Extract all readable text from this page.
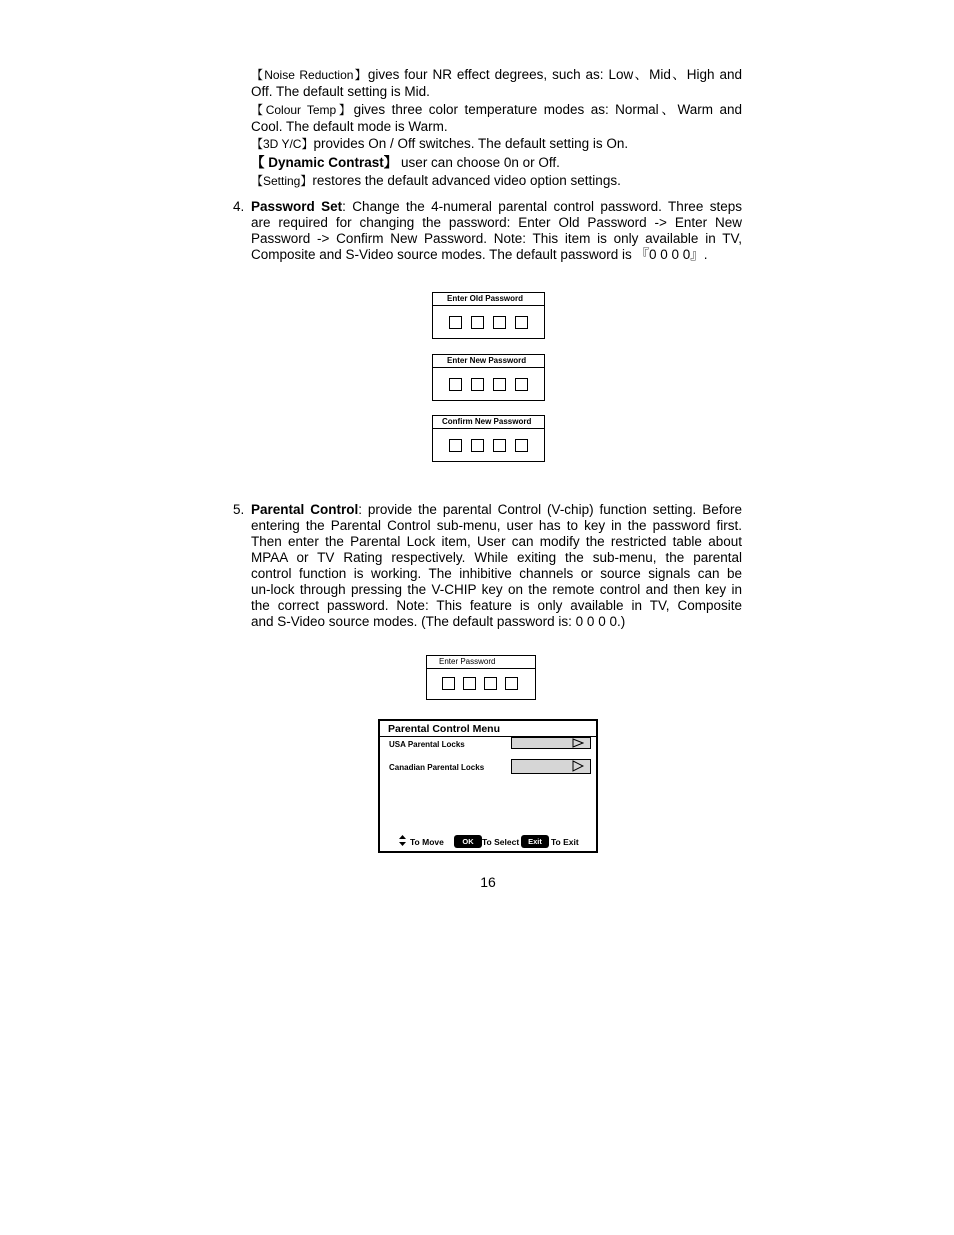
【Noise Reduction】gives four NR effect degrees, such as: Low、Mid、High and
Off. The default setting is Mid.
【Colour Temp】gives three color temperature modes as: Normal、Warm and
Cool. The default mode is Warm.
【3D Y/C】provides On / Off switches. The default setting is On.
【 Dynamic Contrast】 user can choose 0n or Off.
【Setting】restores the default advanced video option settings.
4. Password Set: Change the 4-numeral parental control password. Three steps
are required for changing the password: Enter Old Password -> Enter New
Password -> Confirm New Password. Note: This item is only available in TV,
Composite and S-Video source modes. The default password is 『0 0 0 0』.
Enter Old Password
Enter New Password
Confirm New Password
5. Parental Control: provide the parental Control (V-chip) function setting. Before
entering the Parental Control sub-menu, user has to key in the password first.
Then enter the Parental Lock item, User can modify the restricted table about
MPAA or TV Rating respectively. While exiting the sub-menu, the parental
control function is working. The inhibitive channels or source signals can be
un-lock through pressing the V-CHIP key on the remote control and then key in
the correct password. Note: This feature is only available in TV, Composite
and S-Video source modes. (The default password is: 0 0 0 0.)
Enter Password
Parental Control Menu
USA Parental Locks
Canadian Parental Locks
To Move	OK To Select	Exit	To Exit
16
